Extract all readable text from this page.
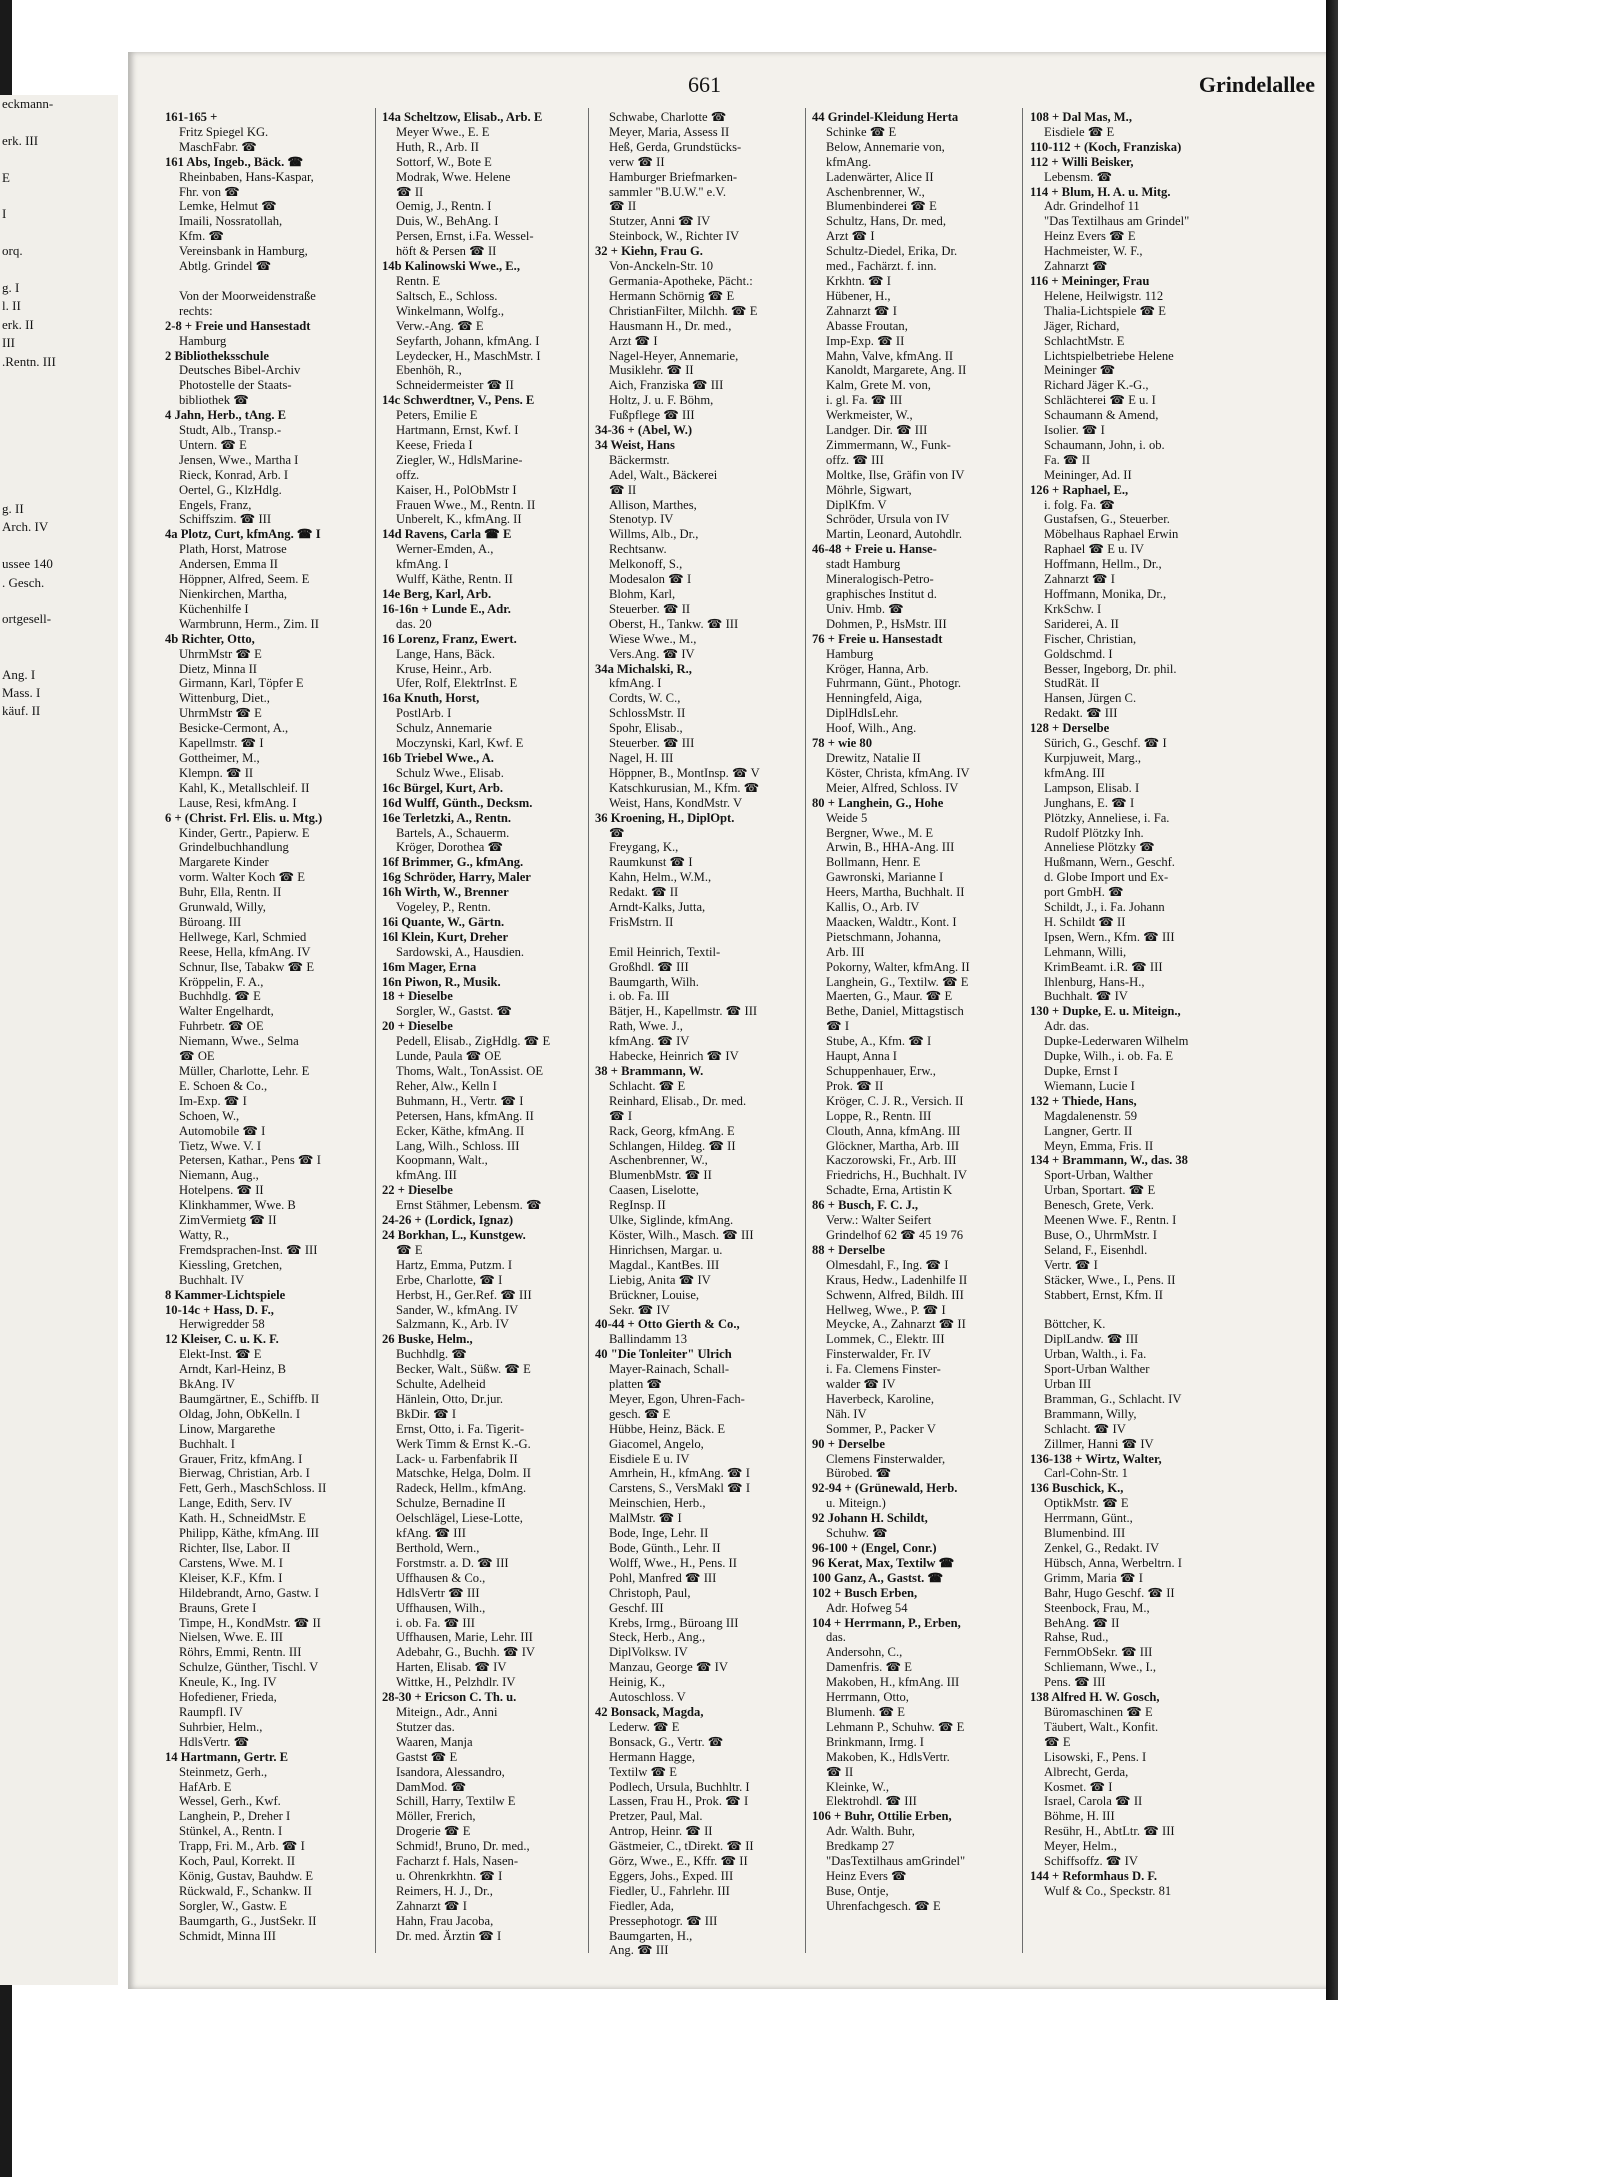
eckmann-

erk. III

E

I

orq.

g. I
l. II
erk. II
III
.Rentn. III

g. II
Arch. IV

ussee 140
. Gesch.

ortgesell-

Ang. I
Mass. I
käuf. II
661	Grindelallee
161-165 +
Fritz Spiegel KG.
MaschFabr. ☎
161 Abs, Ingeb., Bäck. ☎
Rheinbaben, Hans-Kaspar,
Fhr. von ☎
Lemke, Helmut ☎
Imaili, Nossratollah,
Kfm. ☎
Vereinsbank in Hamburg,
Abtlg. Grindel ☎

Von der Moorweidenstraße
rechts:
2-8 + Freie und Hansestadt
Hamburg
2 Bibliotheksschule
Deutsches Bibel-Archiv
Photostelle der Staats-
bibliothek ☎
4 Jahn, Herb., tAng. E
Studt, Alb., Transp.-
Untern. ☎ E
Jensen, Wwe., Martha I
Rieck, Konrad, Arb. I
Oertel, G., KlzHdlg.
Engels, Franz,
Schiffszim. ☎ III
4a Plotz, Curt, kfmAng. ☎ I
Plath, Horst, Matrose
Andersen, Emma II
Höppner, Alfred, Seem. E
Nienkirchen, Martha,
Küchenhilfe I
Warmbrunn, Herm., Zim. II
4b Richter, Otto,
UhrmMstr ☎ E
Dietz, Minna II
Girmann, Karl, Töpfer E
Wittenburg, Diet.,
UhrmMstr ☎ E
Besicke-Cermont, A.,
Kapellmstr. ☎ I
Gottheimer, M.,
Klempn. ☎ II
Kahl, K., Metallschleif. II
Lause, Resi, kfmAng. I
6 + (Christ. Frl. Elis. u. Mtg.)
Kinder, Gertr., Papierw. E
Grindelbuchhandlung
Margarete Kinder
vorm. Walter Koch ☎ E
Buhr, Ella, Rentn. II
Grunwald, Willy,
Büroang. III
Hellwege, Karl, Schmied
Reese, Hella, kfmAng. IV
Schnur, Ilse, Tabakw ☎ E
Kröppelin, F. A.,
Buchhdlg. ☎ E
Walter Engelhardt,
Fuhrbetr. ☎ OE
Niemann, Wwe., Selma
☎ OE
Müller, Charlotte, Lehr. E
E. Schoen & Co.,
Im-Exp. ☎ I
Schoen, W.,
Automobile ☎ I
Tietz, Wwe. V. I
Petersen, Kathar., Pens ☎ I
Niemann, Aug.,
Hotelpens. ☎ II
Klinkhammer, Wwe. B
ZimVermietg ☎ II
Watty, R.,
Fremdsprachen-Inst. ☎ III
Kiessling, Gretchen,
Buchhalt. IV
8 Kammer-Lichtspiele
10-14c + Hass, D. F.,
Herwigredder 58
12 Kleiser, C. u. K. F.
Elekt-Inst. ☎ E
Arndt, Karl-Heinz, B
BkAng. IV
Baumgärtner, E., Schiffb. II
Oldag, John, ObKelln. I
Linow, Margarethe
Buchhalt. I
Grauer, Fritz, kfmAng. I
Bierwag, Christian, Arb. I
Fett, Gerh., MaschSchloss. II
Lange, Edith, Serv. IV
Kath. H., SchneidMstr. E
Philipp, Käthe, kfmAng. III
Richter, Ilse, Labor. II
Carstens, Wwe. M. I
Kleiser, K.F., Kfm. I
Hildebrandt, Arno, Gastw. I
Brauns, Grete I
Timpe, H., KondMstr. ☎ II
Nielsen, Wwe. E. III
Röhrs, Emmi, Rentn. III
Schulze, Günther, Tischl. V
Kneule, K., Ing. IV
Hofediener, Frieda,
Raumpfl. IV
Suhrbier, Helm.,
HdlsVertr. ☎
14 Hartmann, Gertr. E
Steinmetz, Gerh.,
HafArb. E
Wessel, Gerh., Kwf.
Langhein, P., Dreher I
Stünkel, A., Rentn. I
Trapp, Fri. M., Arb. ☎ I
Koch, Paul, Korrekt. II
König, Gustav, Bauhdw. E
Rückwald, F., Schankw. II
Sorgler, W., Gastw. E
Baumgarth, G., JustSekr. II
Schmidt, Minna III
14a Scheltzow, Elisab., Arb. E
Meyer Wwe., E. E
Huth, R., Arb. II
Sottorf, W., Bote E
Modrak, Wwe. Helene
☎ II
Oemig, J., Rentn. I
Duis, W., BehAng. I
Persen, Ernst, i.Fa. Wessel-
höft & Persen ☎ II
14b Kalinowski Wwe., E.,
Rentn. E
Saltsch, E., Schloss.
Winkelmann, Wolfg.,
Verw.-Ang. ☎ E
Seyfarth, Johann, kfmAng. I
Leydecker, H., MaschMstr. I
Ebenhöh, R.,
Schneidermeister ☎ II
14c Schwerdtner, V., Pens. E
Peters, Emilie E
Hartmann, Ernst, Kwf. I
Keese, Frieda I
Ziegler, W., HdlsMarine-
offz.
Kaiser, H., PolObMstr I
Frauen Wwe., M., Rentn. II
Unberelt, K., kfmAng. II
14d Ravens, Carla ☎ E
Werner-Emden, A.,
kfmAng. I
Wulff, Käthe, Rentn. II
14e Berg, Karl, Arb.
16-16n + Lunde E., Adr.
das. 20
16 Lorenz, Franz, Ewert.
Lange, Hans, Bäck.
Kruse, Heinr., Arb.
Ufer, Rolf, ElektrInst. E
16a Knuth, Horst,
PostlArb. I
Schulz, Annemarie
Moczynski, Karl, Kwf. E
16b Triebel Wwe., A.
Schulz Wwe., Elisab.
16c Bürgel, Kurt, Arb.
16d Wulff, Günth., Decksm.
16e Terletzki, A., Rentn.
Bartels, A., Schauerm.
Kröger, Dorothea ☎
16f Brimmer, G., kfmAng.
16g Schröder, Harry, Maler
16h Wirth, W., Brenner
Vogeley, P., Rentn.
16i Quante, W., Gärtn.
16l Klein, Kurt, Dreher
Sardowski, A., Hausdien.
16m Mager, Erna
16n Piwon, R., Musik.
18 + Dieselbe
Sorgler, W., Gastst. ☎
20 + Dieselbe
Pedell, Elisab., ZigHdlg. ☎ E
Lunde, Paula ☎ OE
Thoms, Walt., TonAssist. OE
Reher, Alw., Kelln I
Buhmann, H., Vertr. ☎ I
Petersen, Hans, kfmAng. II
Ecker, Käthe, kfmAng. II
Lang, Wilh., Schloss. III
Koopmann, Walt.,
kfmAng. III
22 + Dieselbe
Ernst Stähmer, Lebensm. ☎
24-26 + (Lordick, Ignaz)
24 Borkhan, L., Kunstgew.
☎ E
Hartz, Emma, Putzm. I
Erbe, Charlotte, ☎ I
Herbst, H., Ger.Ref. ☎ III
Sander, W., kfmAng. IV
Salzmann, K., Arb. IV
26 Buske, Helm.,
Buchhdlg. ☎
Becker, Walt., Süßw. ☎ E
Schulte, Adelheid
Hänlein, Otto, Dr.jur.
BkDir. ☎ I
Ernst, Otto, i. Fa. Tigerit-
Werk Timm & Ernst K.-G.
Lack- u. Farbenfabrik II
Matschke, Helga, Dolm. II
Radeck, Hellm., kfmAng.
Schulze, Bernadine II
Oelschlägel, Liese-Lotte,
kfAng. ☎ III
Berthold, Wern.,
Forstmstr. a. D. ☎ III
Uffhausen & Co.,
HdlsVertr ☎ III
Uffhausen, Wilh.,
i. ob. Fa. ☎ III
Uffhausen, Marie, Lehr. III
Adebahr, G., Buchh. ☎ IV
Harten, Elisab. ☎ IV
Wittke, H., Pelzhdlr. IV
28-30 + Ericson C. Th. u.
Miteign., Adr., Anni
Stutzer das.
Waaren, Manja
Gastst ☎ E
Isandora, Alessandro,
DamMod. ☎
Schill, Harry, Textilw E
Möller, Frerich,
Drogerie ☎ E
Schmid!, Bruno, Dr. med.,
Facharzt f. Hals, Nasen-
u. Ohrenkrkhtn. ☎ I
Reimers, H. J., Dr.,
Zahnarzt ☎ I
Hahn, Frau Jacoba,
Dr. med. Ärztin ☎ I
Schwabe, Charlotte ☎
Meyer, Maria, Assess II
Heß, Gerda, Grundstücks-
verw ☎ II
Hamburger Briefmarken-
sammler "B.U.W." e.V.
☎ II
Stutzer, Anni ☎ IV
Steinbock, W., Richter IV
32 + Kiehn, Frau G.
Von-Anckeln-Str. 10
Germania-Apotheke, Pächt.:
Hermann Schörnig ☎ E
ChristianFilter, Milchh. ☎ E
Hausmann H., Dr. med.,
Arzt ☎ I
Nagel-Heyer, Annemarie,
Musiklehr. ☎ II
Aich, Franziska ☎ III
Holtz, J. u. F. Böhm,
Fußpflege ☎ III
34-36 + (Abel, W.)
34 Weist, Hans
Bäckermstr.
Adel, Walt., Bäckerei
☎ II
Allison, Marthes,
Stenotyp. IV
Willms, Alb., Dr.,
Rechtsanw.
Melkonoff, S.,
Modesalon ☎ I
Blohm, Karl,
Steuerber. ☎ II
Oberst, H., Tankw. ☎ III
Wiese Wwe., M.,
Vers.Ang. ☎ IV
34a Michalski, R.,
kfmAng. I
Cordts, W. C.,
SchlossMstr. II
Spohr, Elisab.,
Steuerber. ☎ III
Nagel, H. III
Höppner, B., MontInsp. ☎ V
Katschkurusian, M., Kfm. ☎
Weist, Hans, KondMstr. V
36 Kroening, H., DiplOpt.
☎
Freygang, K.,
Raumkunst ☎ I
Kahn, Helm., W.M.,
Redakt. ☎ II
Arndt-Kalks, Jutta,
FrisMstrn. II

Emil Heinrich, Textil-
Großhdl. ☎ III
Baumgarth, Wilh.
i. ob. Fa. III
Bätjer, H., Kapellmstr. ☎ III
Rath, Wwe. J.,
kfmAng. ☎ IV
Habecke, Heinrich ☎ IV
38 + Brammann, W.
Schlacht. ☎ E
Reinhard, Elisab., Dr. med.
☎ I
Rack, Georg, kfmAng. E
Schlangen, Hildeg. ☎ II
Aschenbrenner, W.,
BlumenbMstr. ☎ II
Caasen, Liselotte,
RegInsp. II
Ulke, Siglinde, kfmAng.
Köster, Wilh., Masch. ☎ III
Hinrichsen, Margar. u.
Magdal., KantBes. III
Liebig, Anita ☎ IV
Brückner, Louise,
Sekr. ☎ IV
40-44 + Otto Gierth & Co.,
Ballindamm 13
40 "Die Tonleiter" Ulrich
Mayer-Rainach, Schall-
platten ☎
Meyer, Egon, Uhren-Fach-
gesch. ☎ E
Hübbe, Heinz, Bäck. E
Giacomel, Angelo,
Eisdiele E u. IV
Amrhein, H., kfmAng. ☎ I
Carstens, S., VersMakl ☎ I
Meinschien, Herb.,
MalMstr. ☎ I
Bode, Inge, Lehr. II
Bode, Günth., Lehr. II
Wolff, Wwe., H., Pens. II
Pohl, Manfred ☎ III
Christoph, Paul,
Geschf. III
Krebs, Irmg., Büroang III
Steck, Herb., Ang.,
DiplVolksw. IV
Manzau, George ☎ IV
Heinig, K.,
Autoschloss. V
42 Bonsack, Magda,
Lederw. ☎ E
Bonsack, G., Vertr. ☎
Hermann Hagge,
Textilw ☎ E
Podlech, Ursula, Buchhltr. I
Lassen, Frau H., Prok. ☎ I
Pretzer, Paul, Mal.
Antrop, Heinr. ☎ II
Gästmeier, C., tDirekt. ☎ II
Görz, Wwe., E., Kffr. ☎ II
Eggers, Johs., Exped. III
Fiedler, U., Fahrlehr. III
Fiedler, Ada,
Pressephotogr. ☎ III
Baumgarten, H.,
Ang. ☎ III
44 Grindel-Kleidung Herta
Schinke ☎ E
Below, Annemarie von,
kfmAng.
Ladenwärter, Alice II
Aschenbrenner, W.,
Blumenbinderei ☎ E
Schultz, Hans, Dr. med,
Arzt ☎ I
Schultz-Diedel, Erika, Dr.
med., Fachärzt. f. inn.
Krkhtn. ☎ I
Hübener, H.,
Zahnarzt ☎ I
Abasse Froutan,
Imp-Exp. ☎ II
Mahn, Valve, kfmAng. II
Kanoldt, Margarete, Ang. II
Kalm, Grete M. von,
i. gl. Fa. ☎ III
Werkmeister, W.,
Landger. Dir. ☎ III
Zimmermann, W., Funk-
offz. ☎ III
Moltke, Ilse, Gräfin von IV
Möhrle, Sigwart,
DiplKfm. V
Schröder, Ursula von IV
Martin, Leonard, Autohdlr.
46-48 + Freie u. Hanse-
stadt Hamburg
Mineralogisch-Petro-
graphisches Institut d.
Univ. Hmb. ☎
Dohmen, P., HsMstr. III
76 + Freie u. Hansestadt
Hamburg
Kröger, Hanna, Arb.
Fuhrmann, Günt., Photogr.
Henningfeld, Aiga,
DiplHdlsLehr.
Hoof, Wilh., Ang.
78 + wie 80
Drewitz, Natalie II
Köster, Christa, kfmAng. IV
Meier, Alfred, Schloss. IV
80 + Langhein, G., Hohe
Weide 5
Bergner, Wwe., M. E
Arwin, B., HHA-Ang. III
Bollmann, Henr. E
Gawronski, Marianne I
Heers, Martha, Buchhalt. II
Kallis, O., Arb. IV
Maacken, Waldtr., Kont. I
Pietschmann, Johanna,
Arb. III
Pokorny, Walter, kfmAng. II
Langhein, G., Textilw. ☎ E
Maerten, G., Maur. ☎ E
Bethe, Daniel, Mittagstisch
☎ I
Stube, A., Kfm. ☎ I
Haupt, Anna I
Schuppenhauer, Erw.,
Prok. ☎ II
Kröger, C. J. R., Versich. II
Loppe, R., Rentn. III
Clouth, Anna, kfmAng. III
Glöckner, Martha, Arb. III
Kaczorowski, Fr., Arb. III
Friedrichs, H., Buchhalt. IV
Schadte, Erna, Artistin K
86 + Busch, F. C. J.,
Verw.: Walter Seifert
Grindelhof 62 ☎ 45 19 76
88 + Derselbe
Olmesdahl, F., Ing. ☎ I
Kraus, Hedw., Ladenhilfe II
Schwenn, Alfred, Bildh. III
Hellweg, Wwe., P. ☎ I
Meycke, A., Zahnarzt ☎ II
Lommek, C., Elektr. III
Finsterwalder, Fr. IV
i. Fa. Clemens Finster-
walder ☎ IV
Haverbeck, Karoline,
Näh. IV
Sommer, P., Packer V
90 + Derselbe
Clemens Finsterwalder,
Bürobed. ☎
92-94 + (Grünewald, Herb.
u. Miteign.)
92 Johann H. Schildt,
Schuhw. ☎
96-100 + (Engel, Conr.)
96 Kerat, Max, Textilw ☎
100 Ganz, A., Gastst. ☎
102 + Busch Erben,
Adr. Hofweg 54
104 + Herrmann, P., Erben,
das.
Andersohn, C.,
Damenfris. ☎ E
Makoben, H., kfmAng. III
Herrmann, Otto,
Blumenh. ☎ E
Lehmann P., Schuhw. ☎ E
Brinkmann, Irmg. I
Makoben, K., HdlsVertr.
☎ II
Kleinke, W.,
Elektrohdl. ☎ III
106 + Buhr, Ottilie Erben,
Adr. Walth. Buhr,
Bredkamp 27
"DasTextilhaus amGrindel"
Heinz Evers ☎
Buse, Ontje,
Uhrenfachgesch. ☎ E
108 + Dal Mas, M.,
Eisdiele ☎ E
110-112 + (Koch, Franziska)
112 + Willi Beisker,
Lebensm. ☎
114 + Blum, H. A. u. Mitg.
Adr. Grindelhof 11
"Das Textilhaus am Grindel"
Heinz Evers ☎ E
Hachmeister, W. F.,
Zahnarzt ☎
116 + Meininger, Frau
Helene, Heilwigstr. 112
Thalia-Lichtspiele ☎ E
Jäger, Richard,
SchlachtMstr. E
Lichtspielbetriebe Helene
Meininger ☎
Richard Jäger K.-G.,
Schlächterei ☎ E u. I
Schaumann & Amend,
Isolier. ☎ I
Schaumann, John, i. ob.
Fa. ☎ II
Meininger, Ad. II
126 + Raphael, E.,
i. folg. Fa. ☎
Gustafsen, G., Steuerber.
Möbelhaus Raphael Erwin
Raphael ☎ E u. IV
Hoffmann, Hellm., Dr.,
Zahnarzt ☎ I
Hoffmann, Monika, Dr.,
KrkSchw. I
Sariderei, A. II
Fischer, Christian,
Goldschmd. I
Besser, Ingeborg, Dr. phil.
StudRät. II
Hansen, Jürgen C.
Redakt. ☎ III
128 + Derselbe
Sürich, G., Geschf. ☎ I
Kurpjuweit, Marg.,
kfmAng. III
Lampson, Elisab. I
Junghans, E. ☎ I
Plötzky, Anneliese, i. Fa.
Rudolf Plötzky Inh.
Anneliese Plötzky ☎
Hußmann, Wern., Geschf.
d. Globe Import und Ex-
port GmbH. ☎
Schildt, J., i. Fa. Johann
H. Schildt ☎ II
Ipsen, Wern., Kfm. ☎ III
Lehmann, Willi,
KrimBeamt. i.R. ☎ III
Ihlenburg, Hans-H.,
Buchhalt. ☎ IV
130 + Dupke, E. u. Miteign.,
Adr. das.
Dupke-Lederwaren Wilhelm
Dupke, Wilh., i. ob. Fa. E
Dupke, Ernst I
Wiemann, Lucie I
132 + Thiede, Hans,
Magdalenenstr. 59
Langner, Gertr. II
Meyn, Emma, Fris. II
134 + Brammann, W., das. 38
Sport-Urban, Walther
Urban, Sportart. ☎ E
Benesch, Grete, Verk.
Meenen Wwe. F., Rentn. I
Buse, O., UhrmMstr. I
Seland, F., Eisenhdl.
Vertr. ☎ I
Stäcker, Wwe., I., Pens. II
Stabbert, Ernst, Kfm. II

Böttcher, K.
DiplLandw. ☎ III
Urban, Walth., i. Fa.
Sport-Urban Walther
Urban III
Bramman, G., Schlacht. IV
Brammann, Willy,
Schlacht. ☎ IV
Zillmer, Hanni ☎ IV
136-138 + Wirtz, Walter,
Carl-Cohn-Str. 1
136 Buschick, K.,
OptikMstr. ☎ E
Herrmann, Günt.,
Blumenbind. III
Zenkel, G., Redakt. IV
Hübsch, Anna, Werbeltrn. I
Grimm, Maria ☎ I
Bahr, Hugo Geschf. ☎ II
Steenbock, Frau, M.,
BehAng. ☎ II
Rahse, Rud.,
FernmObSekr. ☎ III
Schliemann, Wwe., I.,
Pens. ☎ III
138 Alfred H. W. Gosch,
Büromaschinen ☎ E
Täubert, Walt., Konfit.
☎ E
Lisowski, F., Pens. I
Albrecht, Gerda,
Kosmet. ☎ I
Israel, Carola ☎ II
Böhme, H. III
Resühr, H., AbtLtr. ☎ III
Meyer, Helm.,
Schiffsoffz. ☎ IV
144 + Reformhaus D. F.
Wulf & Co., Speckstr. 81
